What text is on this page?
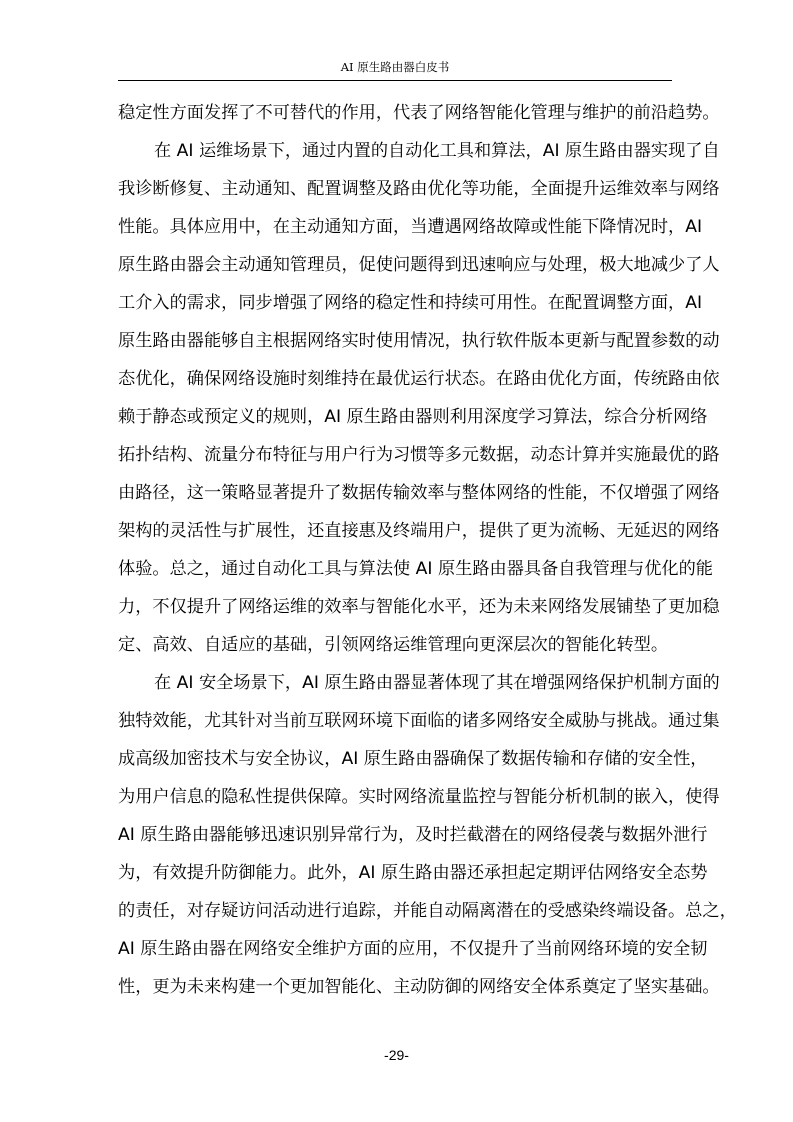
AI 原生路由器白皮书
稳定性方面发挥了不可替代的作用，代表了网络智能化管理与维护的前沿趋势。
在 AI 运维场景下，通过内置的自动化工具和算法，AI 原生路由器实现了自
我诊断修复、主动通知、配置调整及路由优化等功能，全面提升运维效率与网络
性能。具体应用中，在主动通知方面，当遭遇网络故障或性能下降情况时，AI
原生路由器会主动通知管理员，促使问题得到迅速响应与处理，极大地减少了人
工介入的需求，同步增强了网络的稳定性和持续可用性。在配置调整方面，AI
原生路由器能够自主根据网络实时使用情况，执行软件版本更新与配置参数的动
态优化，确保网络设施时刻维持在最优运行状态。在路由优化方面，传统路由依
赖于静态或预定义的规则，AI 原生路由器则利用深度学习算法，综合分析网络
拓扑结构、流量分布特征与用户行为习惯等多元数据，动态计算并实施最优的路
由路径，这一策略显著提升了数据传输效率与整体网络的性能，不仅增强了网络
架构的灵活性与扩展性，还直接惠及终端用户，提供了更为流畅、无延迟的网络
体验。总之，通过自动化工具与算法使 AI 原生路由器具备自我管理与优化的能
力，不仅提升了网络运维的效率与智能化水平，还为未来网络发展铺垫了更加稳
定、高效、自适应的基础，引领网络运维管理向更深层次的智能化转型。
在 AI 安全场景下，AI 原生路由器显著体现了其在增强网络保护机制方面的
独特效能，尤其针对当前互联网环境下面临的诸多网络安全威胁与挑战。通过集
成高级加密技术与安全协议，AI 原生路由器确保了数据传输和存储的安全性，
为用户信息的隐私性提供保障。实时网络流量监控与智能分析机制的嵌入，使得
AI 原生路由器能够迅速识别异常行为，及时拦截潜在的网络侵袭与数据外泄行
为，有效提升防御能力。此外，AI 原生路由器还承担起定期评估网络安全态势
的责任，对存疑访问活动进行追踪，并能自动隔离潜在的受感染终端设备。总之，
AI 原生路由器在网络安全维护方面的应用，不仅提升了当前网络环境的安全韧
性，更为未来构建一个更加智能化、主动防御的网络安全体系奠定了坚实基础。
-29-
